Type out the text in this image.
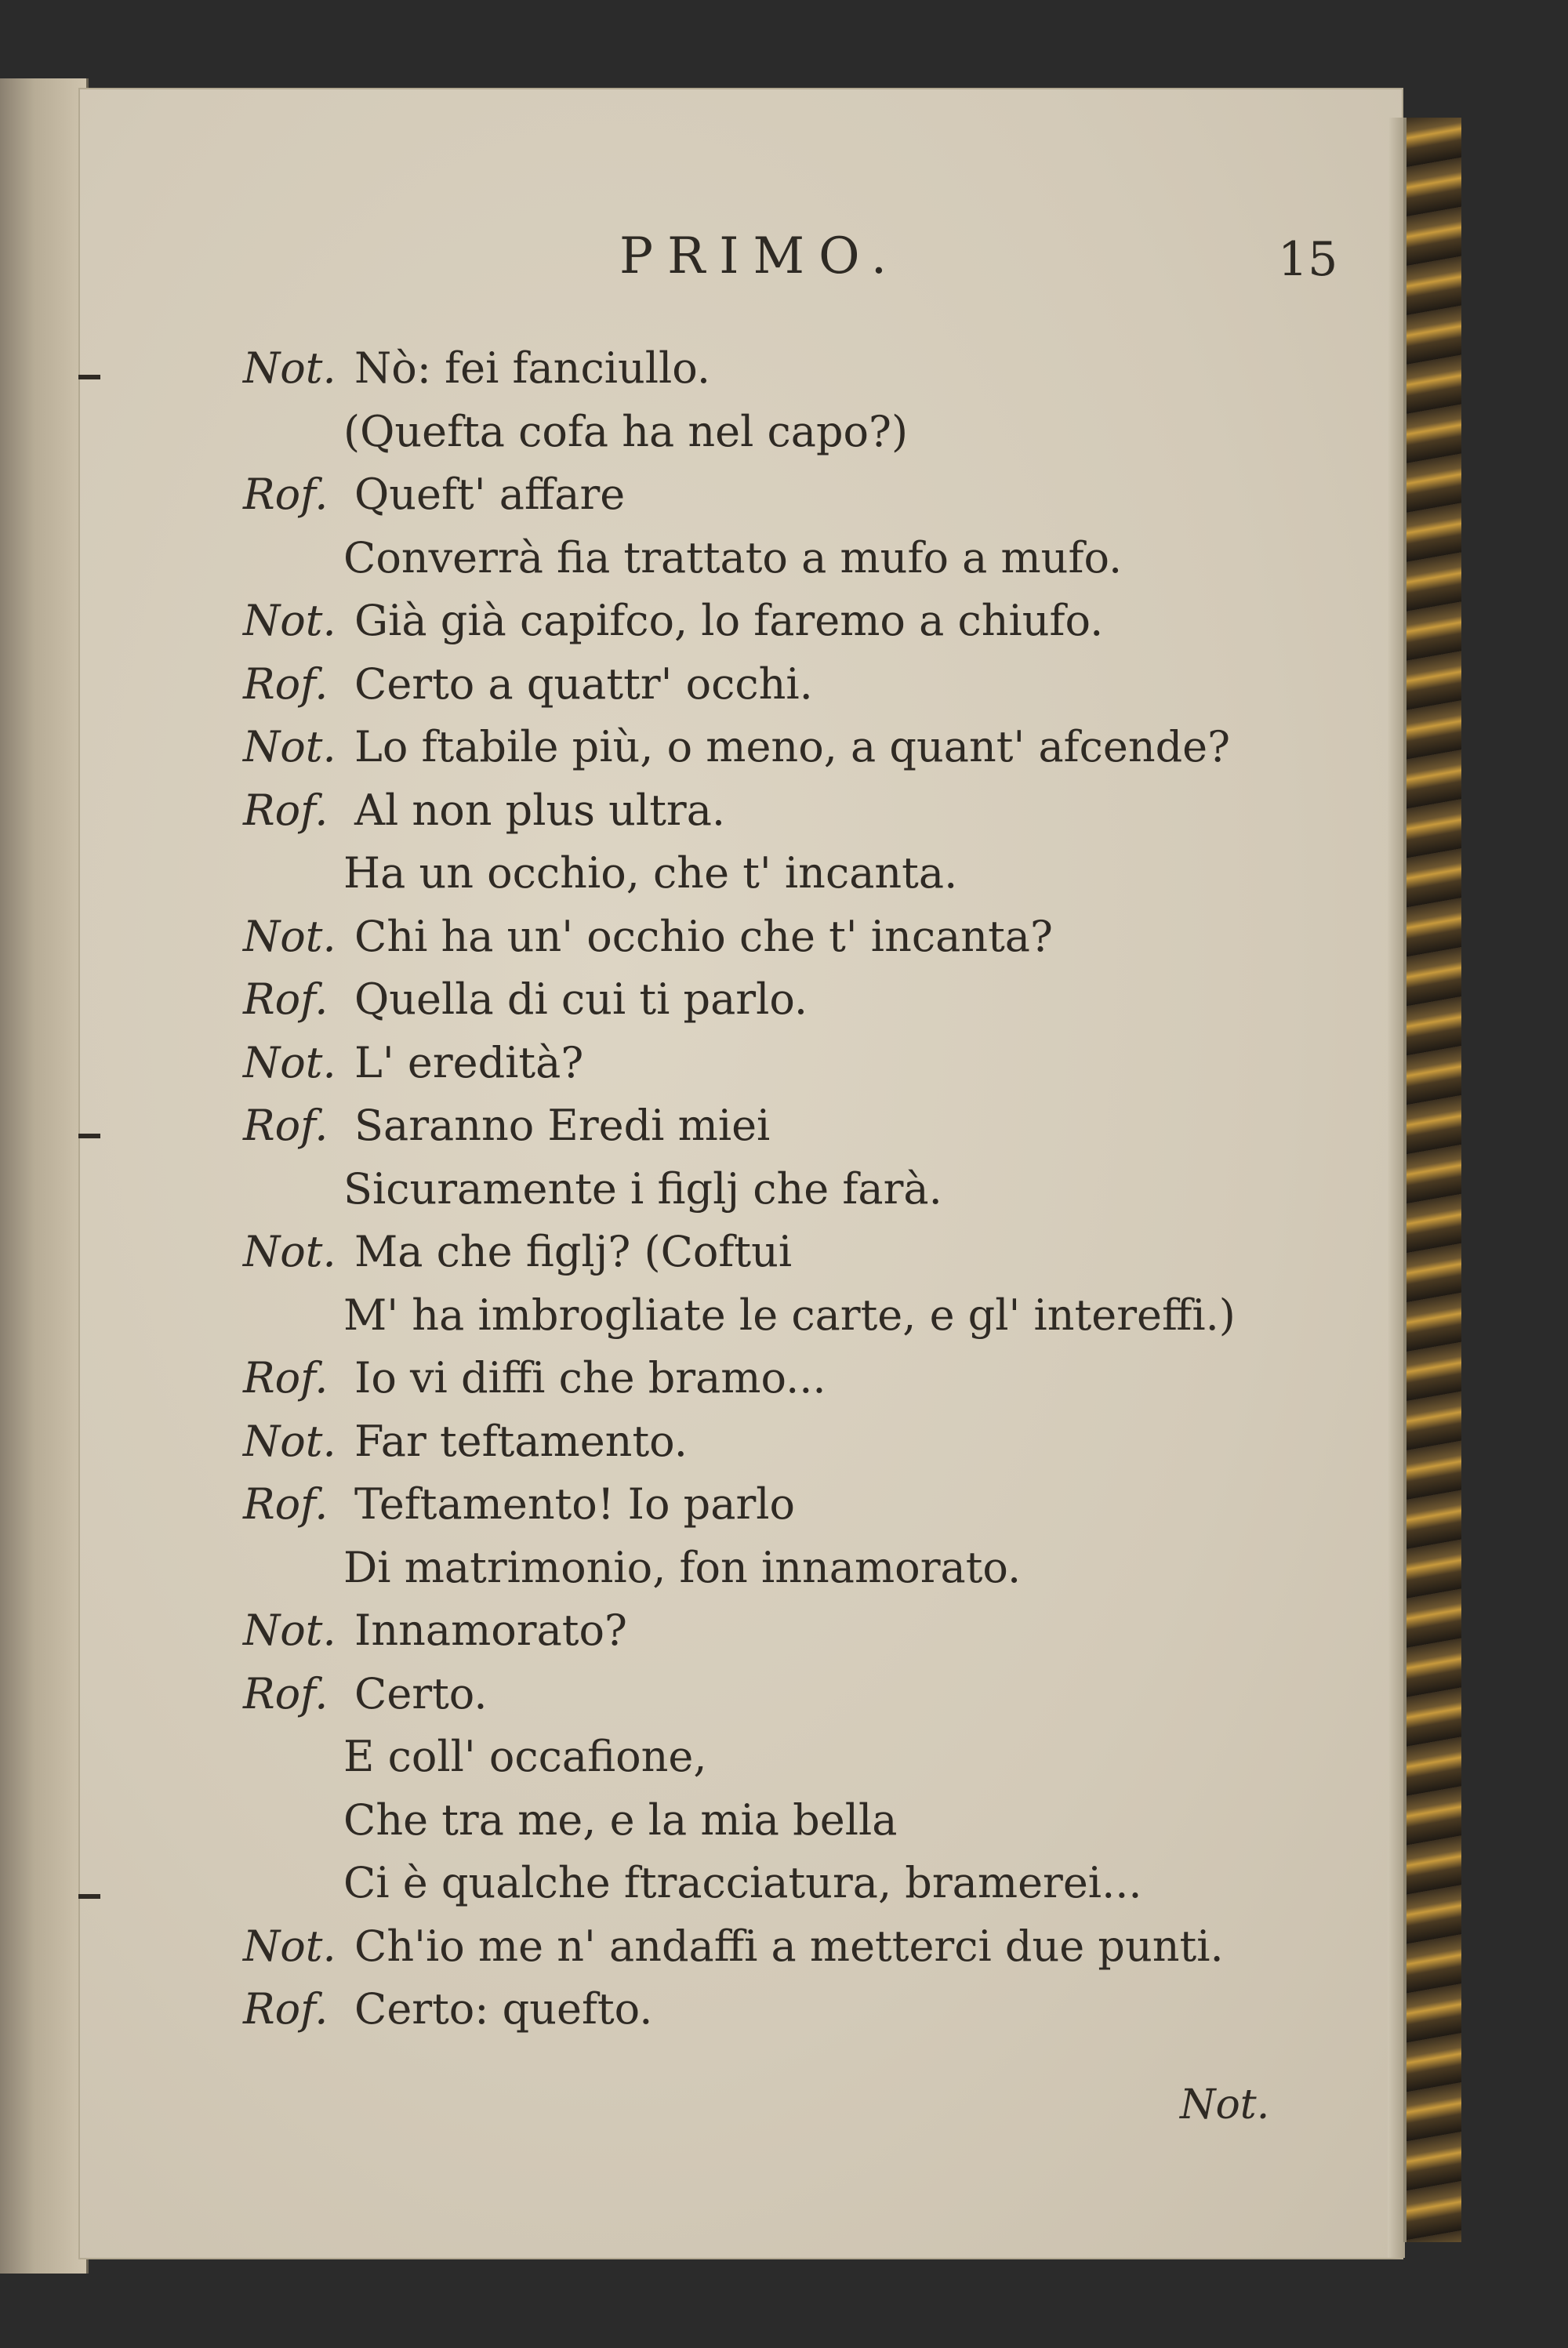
PRIMO.	15
Not. Nò: fei fanciullo.
(Quefta cofa ha nel capo?)
Rof. Queft' affare
Converrà fia trattato a mufo a mufo.
Not. Già già capifco, lo faremo a chiufo.
Rof. Certo a quattr' occhi.
Not. Lo ftabile più, o meno, a quant' afcende?
Rof. Al non plus ultra.
Ha un occhio, che t' incanta.
Not. Chi ha un' occhio che t' incanta?
Rof. Quella di cui ti parlo.
Not. L' eredità?
Rof. Saranno Eredi miei
Sicuramente i figlj che farà.
Not. Ma che figlj? (Coftui
M' ha imbrogliate le carte, e gl' intereffi.)
Rof. Io vi diffi che bramo...
Not. Far teftamento.
Rof. Teftamento! Io parlo
Di matrimonio, fon innamorato.
Not. Innamorato?
Rof. Certo.
E coll' occafione,
Che tra me, e la mia bella
Ci è qualche ftracciatura, bramerei...
Not. Ch'io me n' andaffi a metterci due punti.
Rof. Certo: quefto.
Not.
